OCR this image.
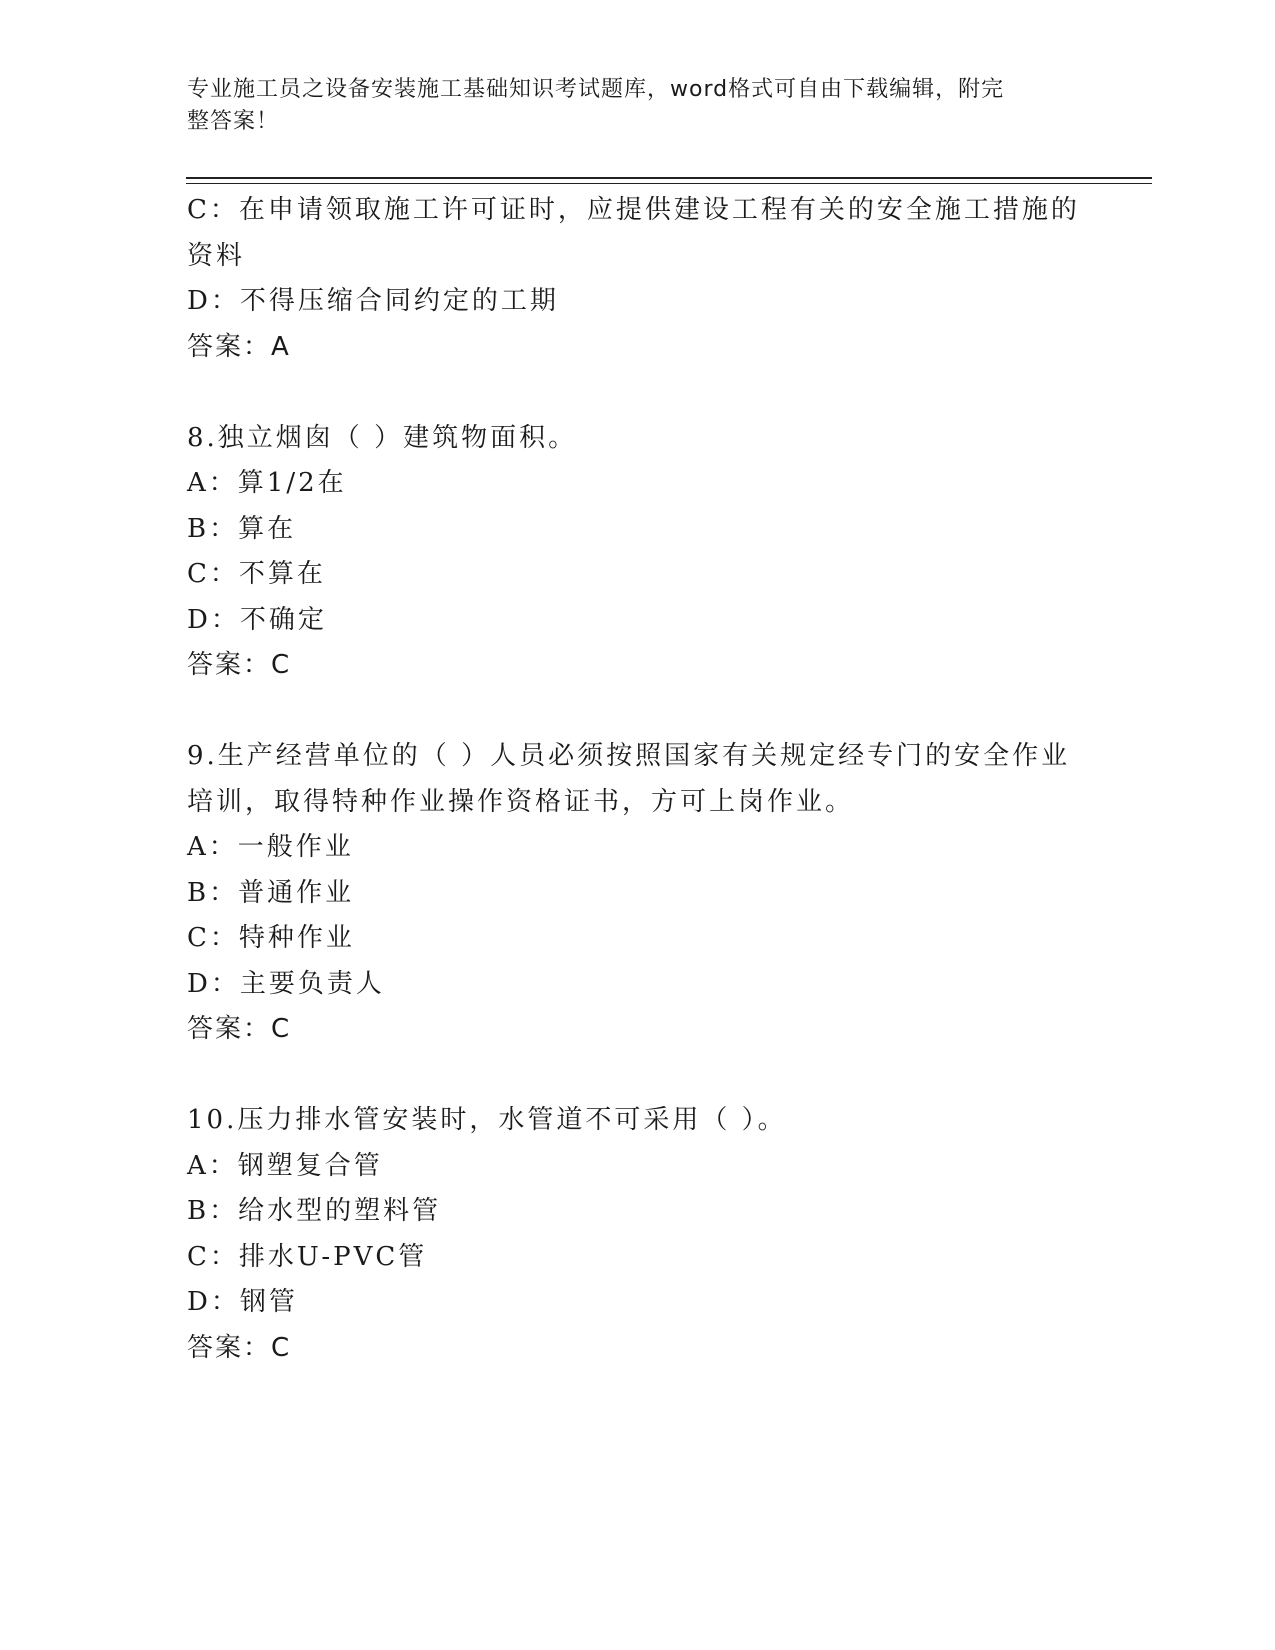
专业施工员之设备安装施工基础知识考试题库，word格式可自由下载编辑，附完
整答案！
C：在申请领取施工许可证时，应提供建设工程有关的安全施工措施的
资料
D：不得压缩合同约定的工期
答案：A
8.独立烟囱（ ）建筑物面积。
A：算1/2在
B：算在
C：不算在
D：不确定
答案：C
9.生产经营单位的（ ）人员必须按照国家有关规定经专门的安全作业
培训，取得特种作业操作资格证书，方可上岗作业。
A：一般作业
B：普通作业
C：特种作业
D：主要负责人
答案：C
10.压力排水管安装时，水管道不可采用（ ）。
A：钢塑复合管
B：给水型的塑料管
C：排水U-PVC管
D：钢管
答案：C
